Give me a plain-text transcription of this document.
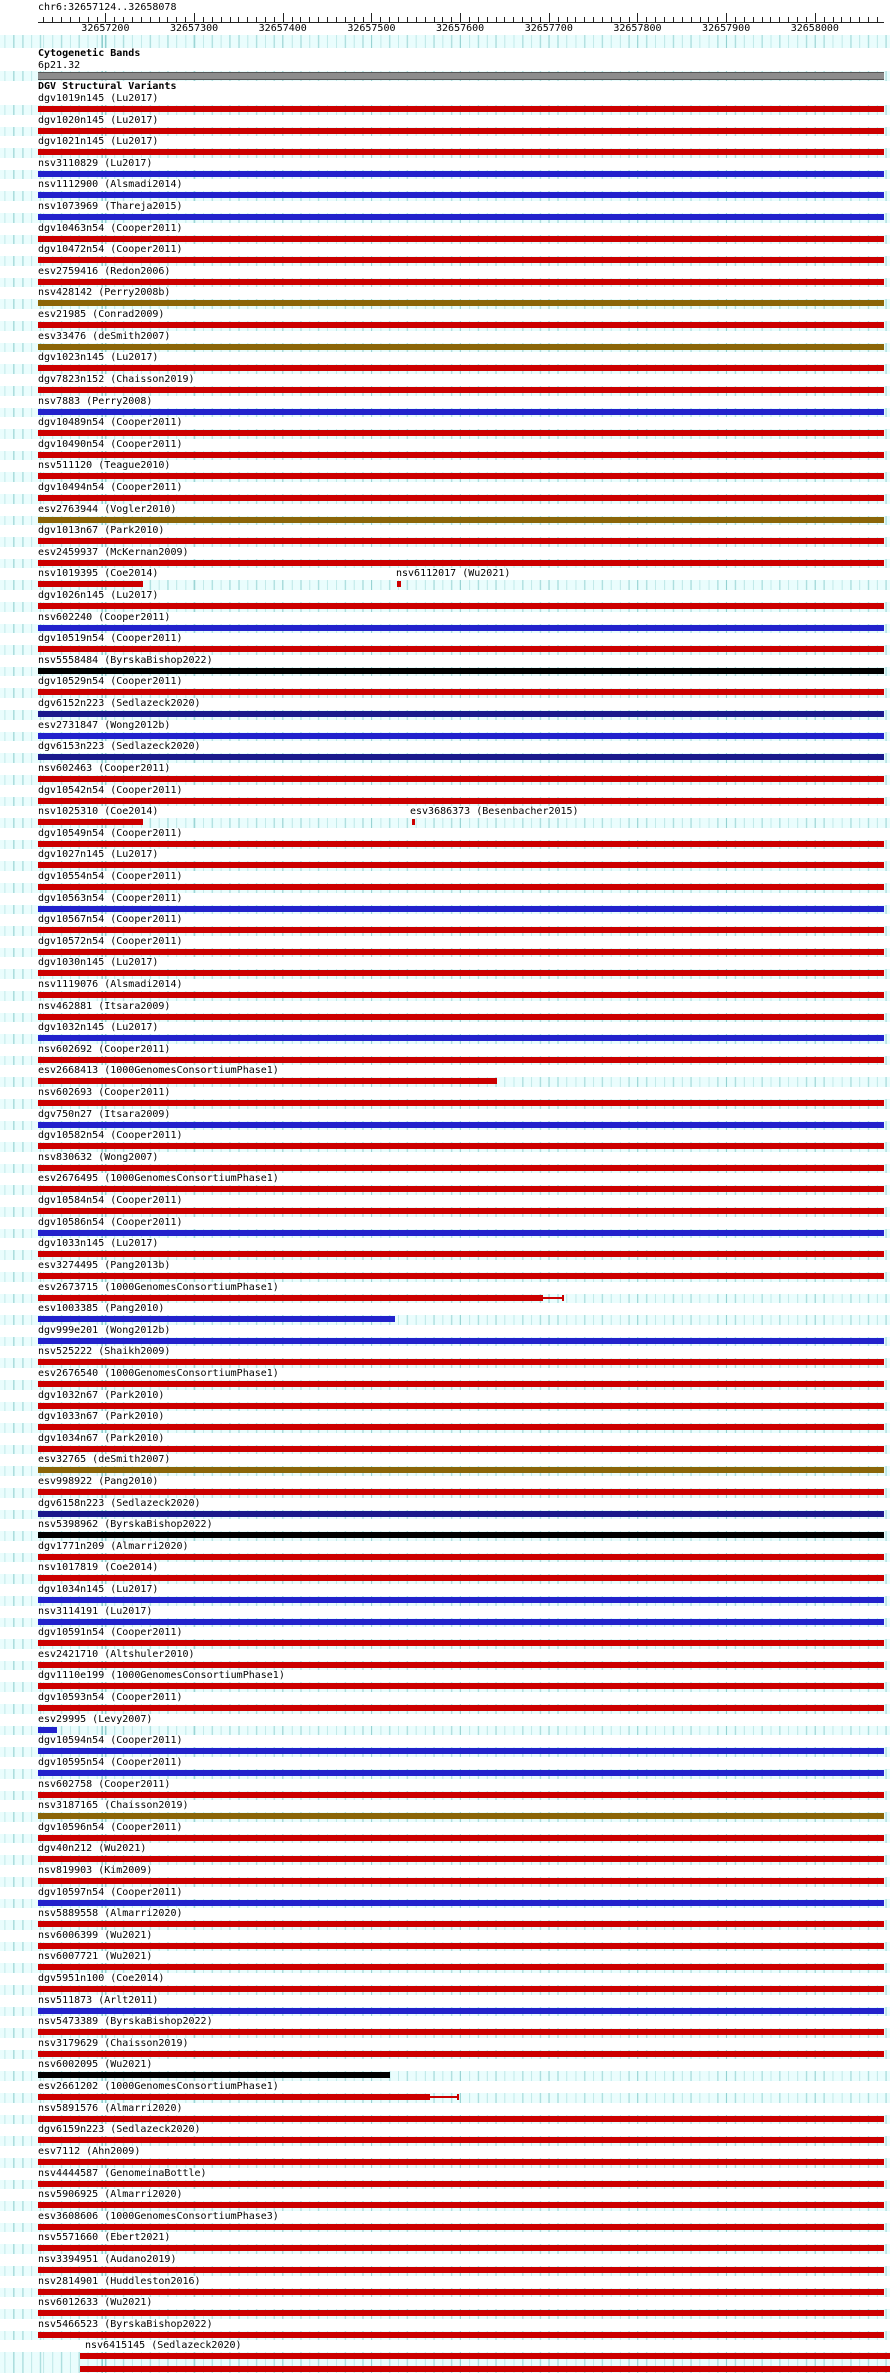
chr6:32657124..32658078
32657200	32657300	32657400	32657500	32657600	32657700	32657800	32657900	32658000
Cytogenetic Bands
6p21.32
DGV Structural Variants
dgv1019n145 (Lu2017)
dgv1020n145 (Lu2017)
dgv1021n145 (Lu2017)
nsv3110829 (Lu2017)
nsv1112900 (Alsmadi2014)
nsv1073969 (Thareja2015)
dgv10463n54 (Cooper2011)
dgv10472n54 (Cooper2011)
esv2759416 (Redon2006)
nsv428142 (Perry2008b)
esv21985 (Conrad2009)
esv33476 (deSmith2007)
dgv1023n145 (Lu2017)
dgv7823n152 (Chaisson2019)
nsv7883 (Perry2008)
dgv10489n54 (Cooper2011)
dgv10490n54 (Cooper2011)
nsv511120 (Teague2010)
dgv10494n54 (Cooper2011)
esv2763944 (Vogler2010)
dgv1013n67 (Park2010)
esv2459937 (McKernan2009)
nsv1019395 (Coe2014)	nsv6112017 (Wu2021)
dgv1026n145 (Lu2017)
nsv602240 (Cooper2011)
dgv10519n54 (Cooper2011)
nsv5558484 (ByrskaBishop2022)
dgv10529n54 (Cooper2011)
dgv6152n223 (Sedlazeck2020)
esv2731847 (Wong2012b)
dgv6153n223 (Sedlazeck2020)
nsv602463 (Cooper2011)
dgv10542n54 (Cooper2011)
nsv1025310 (Coe2014)	esv3686373 (Besenbacher2015)
dgv10549n54 (Cooper2011)
dgv1027n145 (Lu2017)
dgv10554n54 (Cooper2011)
dgv10563n54 (Cooper2011)
dgv10567n54 (Cooper2011)
dgv10572n54 (Cooper2011)
dgv1030n145 (Lu2017)
nsv1119076 (Alsmadi2014)
nsv462881 (Itsara2009)
dgv1032n145 (Lu2017)
nsv602692 (Cooper2011)
esv2668413 (1000GenomesConsortiumPhase1)
nsv602693 (Cooper2011)
dgv750n27 (Itsara2009)
dgv10582n54 (Cooper2011)
nsv830632 (Wong2007)
esv2676495 (1000GenomesConsortiumPhase1)
dgv10584n54 (Cooper2011)
dgv10586n54 (Cooper2011)
dgv1033n145 (Lu2017)
esv3274495 (Pang2013b)
esv2673715 (1000GenomesConsortiumPhase1)
esv1003385 (Pang2010)
dgv999e201 (Wong2012b)
nsv525222 (Shaikh2009)
esv2676540 (1000GenomesConsortiumPhase1)
dgv1032n67 (Park2010)
dgv1033n67 (Park2010)
dgv1034n67 (Park2010)
esv32765 (deSmith2007)
esv998922 (Pang2010)
dgv6158n223 (Sedlazeck2020)
nsv5398962 (ByrskaBishop2022)
dgv1771n209 (Almarri2020)
nsv1017819 (Coe2014)
dgv1034n145 (Lu2017)
nsv3114191 (Lu2017)
dgv10591n54 (Cooper2011)
esv2421710 (Altshuler2010)
dgv1110e199 (1000GenomesConsortiumPhase1)
dgv10593n54 (Cooper2011)
esv29995 (Levy2007)
dgv10594n54 (Cooper2011)
dgv10595n54 (Cooper2011)
nsv602758 (Cooper2011)
nsv3187165 (Chaisson2019)
dgv10596n54 (Cooper2011)
dgv40n212 (Wu2021)
nsv819903 (Kim2009)
dgv10597n54 (Cooper2011)
nsv5889558 (Almarri2020)
nsv6006399 (Wu2021)
nsv6007721 (Wu2021)
dgv5951n100 (Coe2014)
nsv511873 (Arlt2011)
nsv5473389 (ByrskaBishop2022)
nsv3179629 (Chaisson2019)
nsv6002095 (Wu2021)
esv2661202 (1000GenomesConsortiumPhase1)
nsv5891576 (Almarri2020)
dgv6159n223 (Sedlazeck2020)
esv7112 (Ahn2009)
nsv4444587 (GenomeinaBottle)
nsv5906925 (Almarri2020)
esv3608606 (1000GenomesConsortiumPhase3)
nsv5571660 (Ebert2021)
nsv3394951 (Audano2019)
nsv2814901 (Huddleston2016)
nsv6012633 (Wu2021)
nsv5466523 (ByrskaBishop2022)
nsv6415145 (Sedlazeck2020)
